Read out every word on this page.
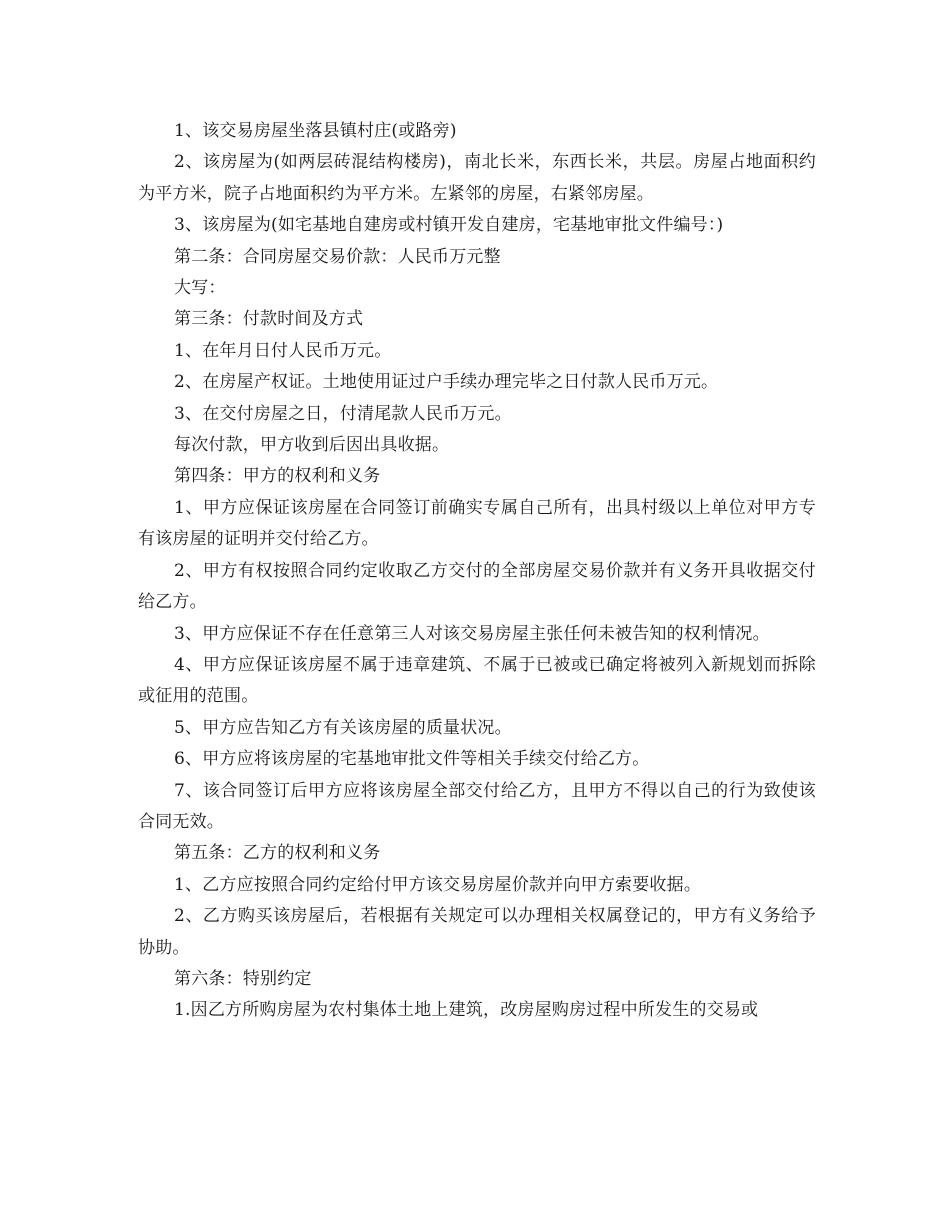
1、该交易房屋坐落县镇村庄(或路旁)

2、该房屋为(如两层砖混结构楼房)，南北长米，东西长米，共层。房屋占地面积约为平方米，院子占地面积约为平方米。左紧邻的房屋，右紧邻房屋。

3、该房屋为(如宅基地自建房或村镇开发自建房，宅基地审批文件编号：)

第二条：合同房屋交易价款：人民币万元整

大写：

第三条：付款时间及方式

1、在年月日付人民币万元。

2、在房屋产权证。土地使用证过户手续办理完毕之日付款人民币万元。

3、在交付房屋之日，付清尾款人民币万元。

每次付款，甲方收到后因出具收据。

第四条：甲方的权利和义务

1、甲方应保证该房屋在合同签订前确实专属自己所有，出具村级以上单位对甲方专有该房屋的证明并交付给乙方。

2、甲方有权按照合同约定收取乙方交付的全部房屋交易价款并有义务开具收据交付给乙方。

3、甲方应保证不存在任意第三人对该交易房屋主张任何未被告知的权利情况。

4、甲方应保证该房屋不属于违章建筑、不属于已被或已确定将被列入新规划而拆除或征用的范围。

5、甲方应告知乙方有关该房屋的质量状况。

6、甲方应将该房屋的宅基地审批文件等相关手续交付给乙方。

7、该合同签订后甲方应将该房屋全部交付给乙方，且甲方不得以自己的行为致使该合同无效。

第五条：乙方的权利和义务

1、乙方应按照合同约定给付甲方该交易房屋价款并向甲方索要收据。

2、乙方购买该房屋后，若根据有关规定可以办理相关权属登记的，甲方有义务给予协助。

第六条：特别约定

1.因乙方所购房屋为农村集体土地上建筑，改房屋购房过程中所发生的交易或
